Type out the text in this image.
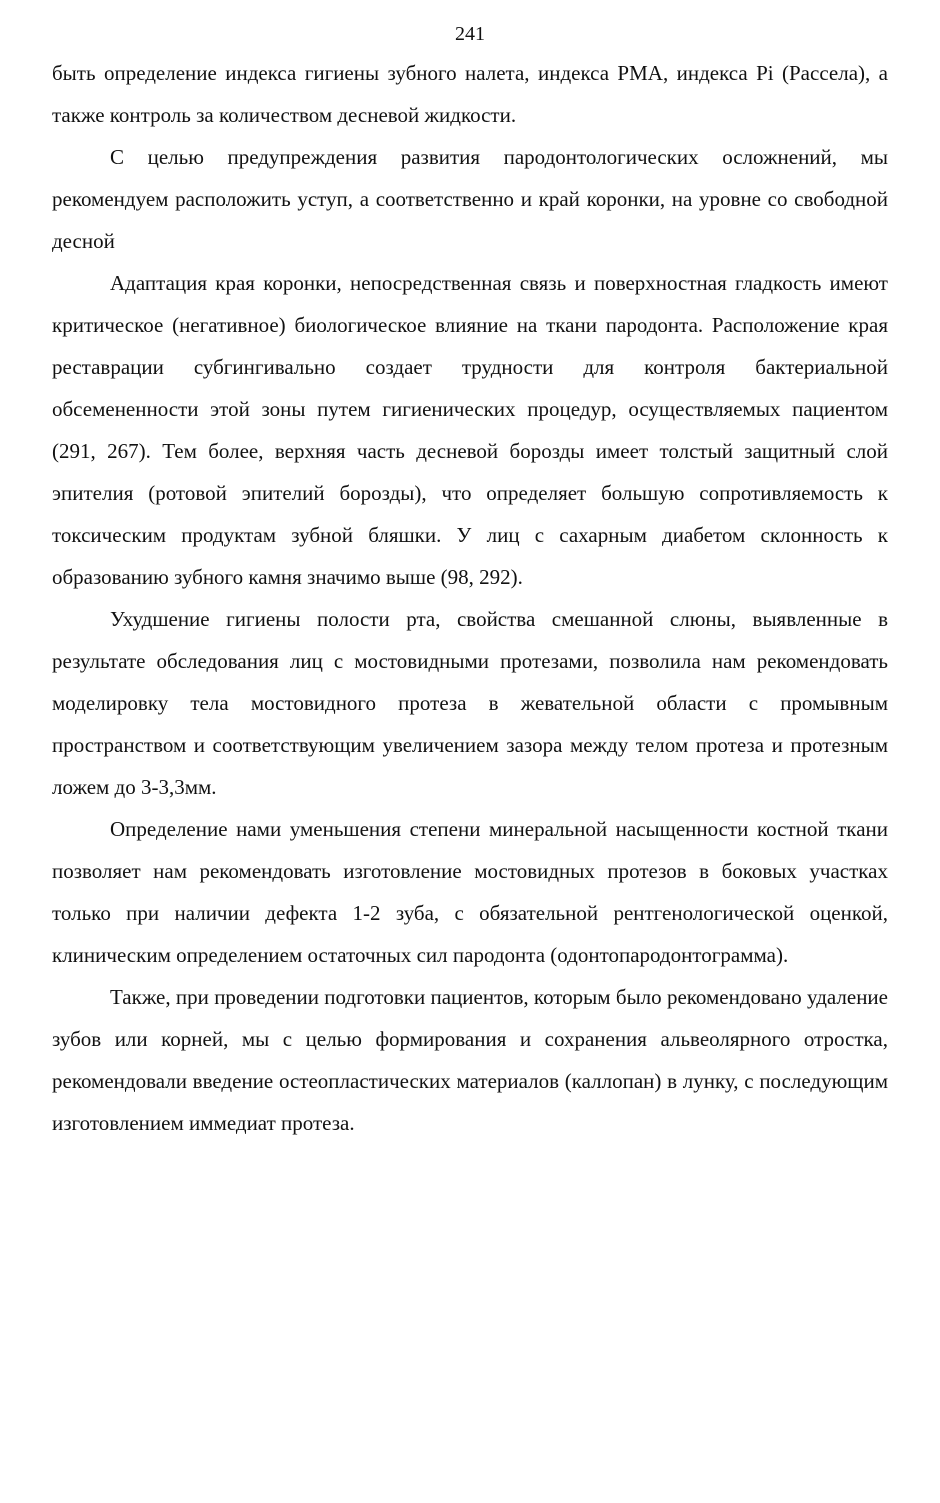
241

быть определение индекса гигиены зубного налета, индекса PMA, индекса Pi (Рассела), а также контроль за количеством десневой жидкости.

С целью предупреждения развития пародонтологических осложнений, мы рекомендуем расположить уступ, а соответственно и край коронки, на уровне со свободной десной

Адаптация края коронки, непосредственная связь и поверхностная гладкость имеют критическое (негативное) биологическое влияние на ткани пародонта. Расположение края реставрации субгингивально создает трудности для контроля бактериальной обсемененности этой зоны путем гигиенических процедур, осуществляемых пациентом (291, 267). Тем более, верхняя часть десневой борозды имеет толстый защитный слой эпителия (ротовой эпителий борозды), что определяет большую сопротивляемость к токсическим продуктам зубной бляшки. У лиц с сахарным диабетом склонность к образованию зубного камня значимо выше (98, 292).

Ухудшение гигиены полости рта, свойства смешанной слюны, выявленные в результате обследования лиц с мостовидными протезами, позволила нам рекомендовать моделировку тела мостовидного протеза в жевательной области с промывным пространством и соответствующим увеличением зазора между телом протеза и протезным ложем до 3-3,3мм.

Определение нами уменьшения степени минеральной насыщенности костной ткани позволяет нам рекомендовать изготовление мостовидных протезов в боковых участках только при наличии дефекта 1-2 зуба, с обязательной рентгенологической оценкой, клиническим определением остаточных сил пародонта (одонтопародонтограмма).

Также, при проведении подготовки пациентов, которым было рекомендовано удаление зубов или корней, мы с целью формирования и сохранения альвеолярного отростка, рекомендовали введение остеопластических материалов (каллопан) в лунку, с последующим изготовлением иммедиат протеза.
